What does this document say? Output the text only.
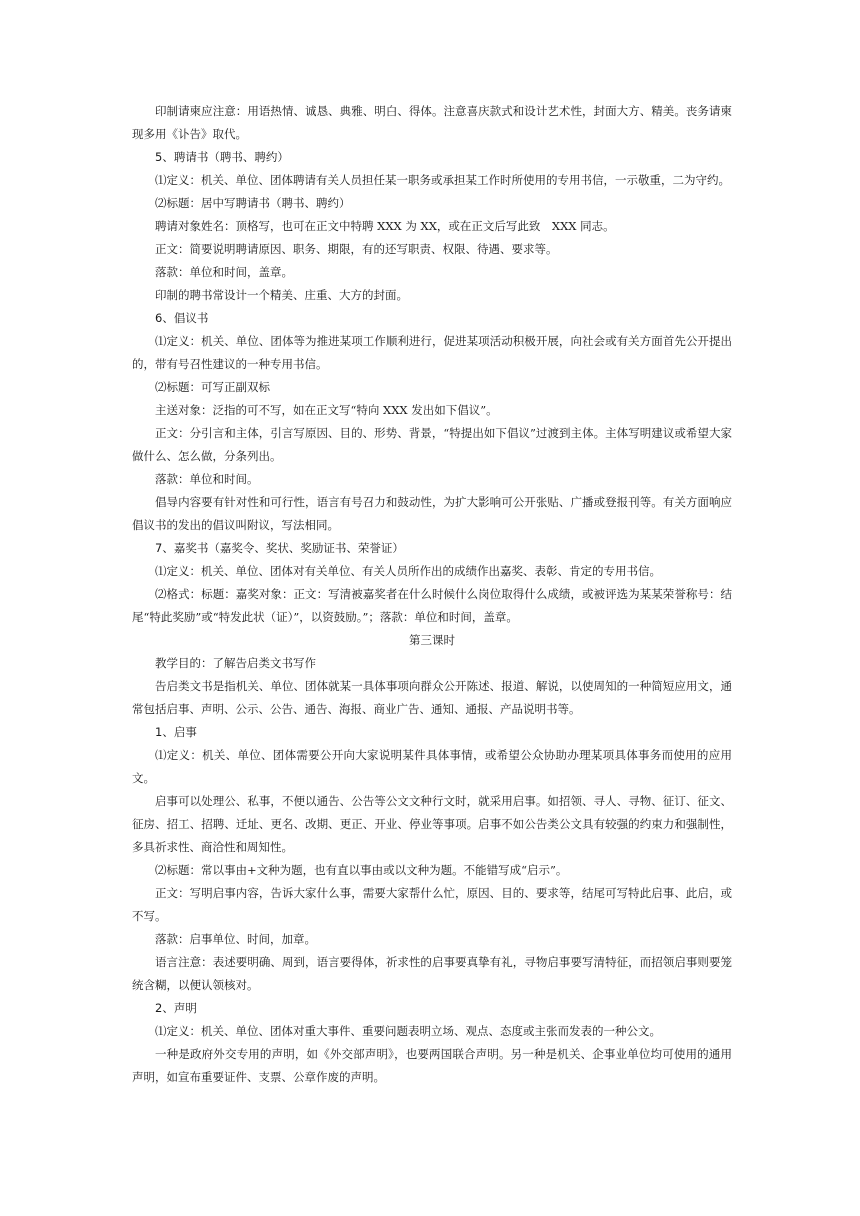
印制请柬应注意：用语热情、诚恳、典雅、明白、得体。注意喜庆款式和设计艺术性，封面大方、精美。丧务请柬现多用《讣告》取代。

5、聘请书（聘书、聘约）

⑴定义：机关、单位、团体聘请有关人员担任某一职务或承担某工作时所使用的专用书信，一示敬重，二为守约。

⑵标题：居中写聘请书（聘书、聘约）

聘请对象姓名：顶格写，也可在正文中特聘 XXX 为 XX，或在正文后写此致　XXX 同志。

正文：简要说明聘请原因、职务、期限，有的还写职责、权限、待遇、要求等。

落款：单位和时间，盖章。

印制的聘书常设计一个精美、庄重、大方的封面。

6、倡议书

⑴定义：机关、单位、团体等为推进某项工作顺利进行，促进某项活动积极开展，向社会或有关方面首先公开提出的，带有号召性建议的一种专用书信。

⑵标题：可写正副双标

主送对象：泛指的可不写，如在正文写“特向 XXX 发出如下倡议”。

正文：分引言和主体，引言写原因、目的、形势、背景，“特提出如下倡议”过渡到主体。主体写明建议或希望大家做什么、怎么做，分条列出。

落款：单位和时间。

倡导内容要有针对性和可行性，语言有号召力和鼓动性，为扩大影响可公开张贴、广播或登报刊等。有关方面响应倡议书的发出的倡议叫附议，写法相同。

7、嘉奖书（嘉奖令、奖状、奖励证书、荣誉证）

⑴定义：机关、单位、团体对有关单位、有关人员所作出的成绩作出嘉奖、表彰、肯定的专用书信。

⑵格式：标题：嘉奖对象：正文：写清被嘉奖者在什么时候什么岗位取得什么成绩，或被评选为某某荣誉称号：结尾“特此奖励”或“特发此状（证）”，以资鼓励。”；落款：单位和时间，盖章。

第三课时

教学目的：了解告启类文书写作

告启类文书是指机关、单位、团体就某一具体事项向群众公开陈述、报道、解说，以使周知的一种简短应用文，通常包括启事、声明、公示、公告、通告、海报、商业广告、通知、通报、产品说明书等。

1、启事

⑴定义：机关、单位、团体需要公开向大家说明某件具体事情，或希望公众协助办理某项具体事务而使用的应用文。

启事可以处理公、私事，不便以通告、公告等公文文种行文时，就采用启事。如招领、寻人、寻物、征订、征文、征房、招工、招聘、迁址、更名、改期、更正、开业、停业等事项。启事不如公告类公文具有较强的约束力和强制性，多具祈求性、商洽性和周知性。

⑵标题：常以事由+文种为题，也有直以事由或以文种为题。不能错写成“启示”。

正文：写明启事内容，告诉大家什么事，需要大家帮什么忙，原因、目的、要求等，结尾可写特此启事、此启，或不写。

落款：启事单位、时间，加章。

语言注意：表述要明确、周到，语言要得体，祈求性的启事要真挚有礼，寻物启事要写清特征，而招领启事则要笼统含糊，以便认领核对。

2、声明

⑴定义：机关、单位、团体对重大事件、重要问题表明立场、观点、态度或主张而发表的一种公文。

一种是政府外交专用的声明，如《外交部声明》，也要两国联合声明。另一种是机关、企事业单位均可使用的通用声明，如宣布重要证件、支票、公章作废的声明。
